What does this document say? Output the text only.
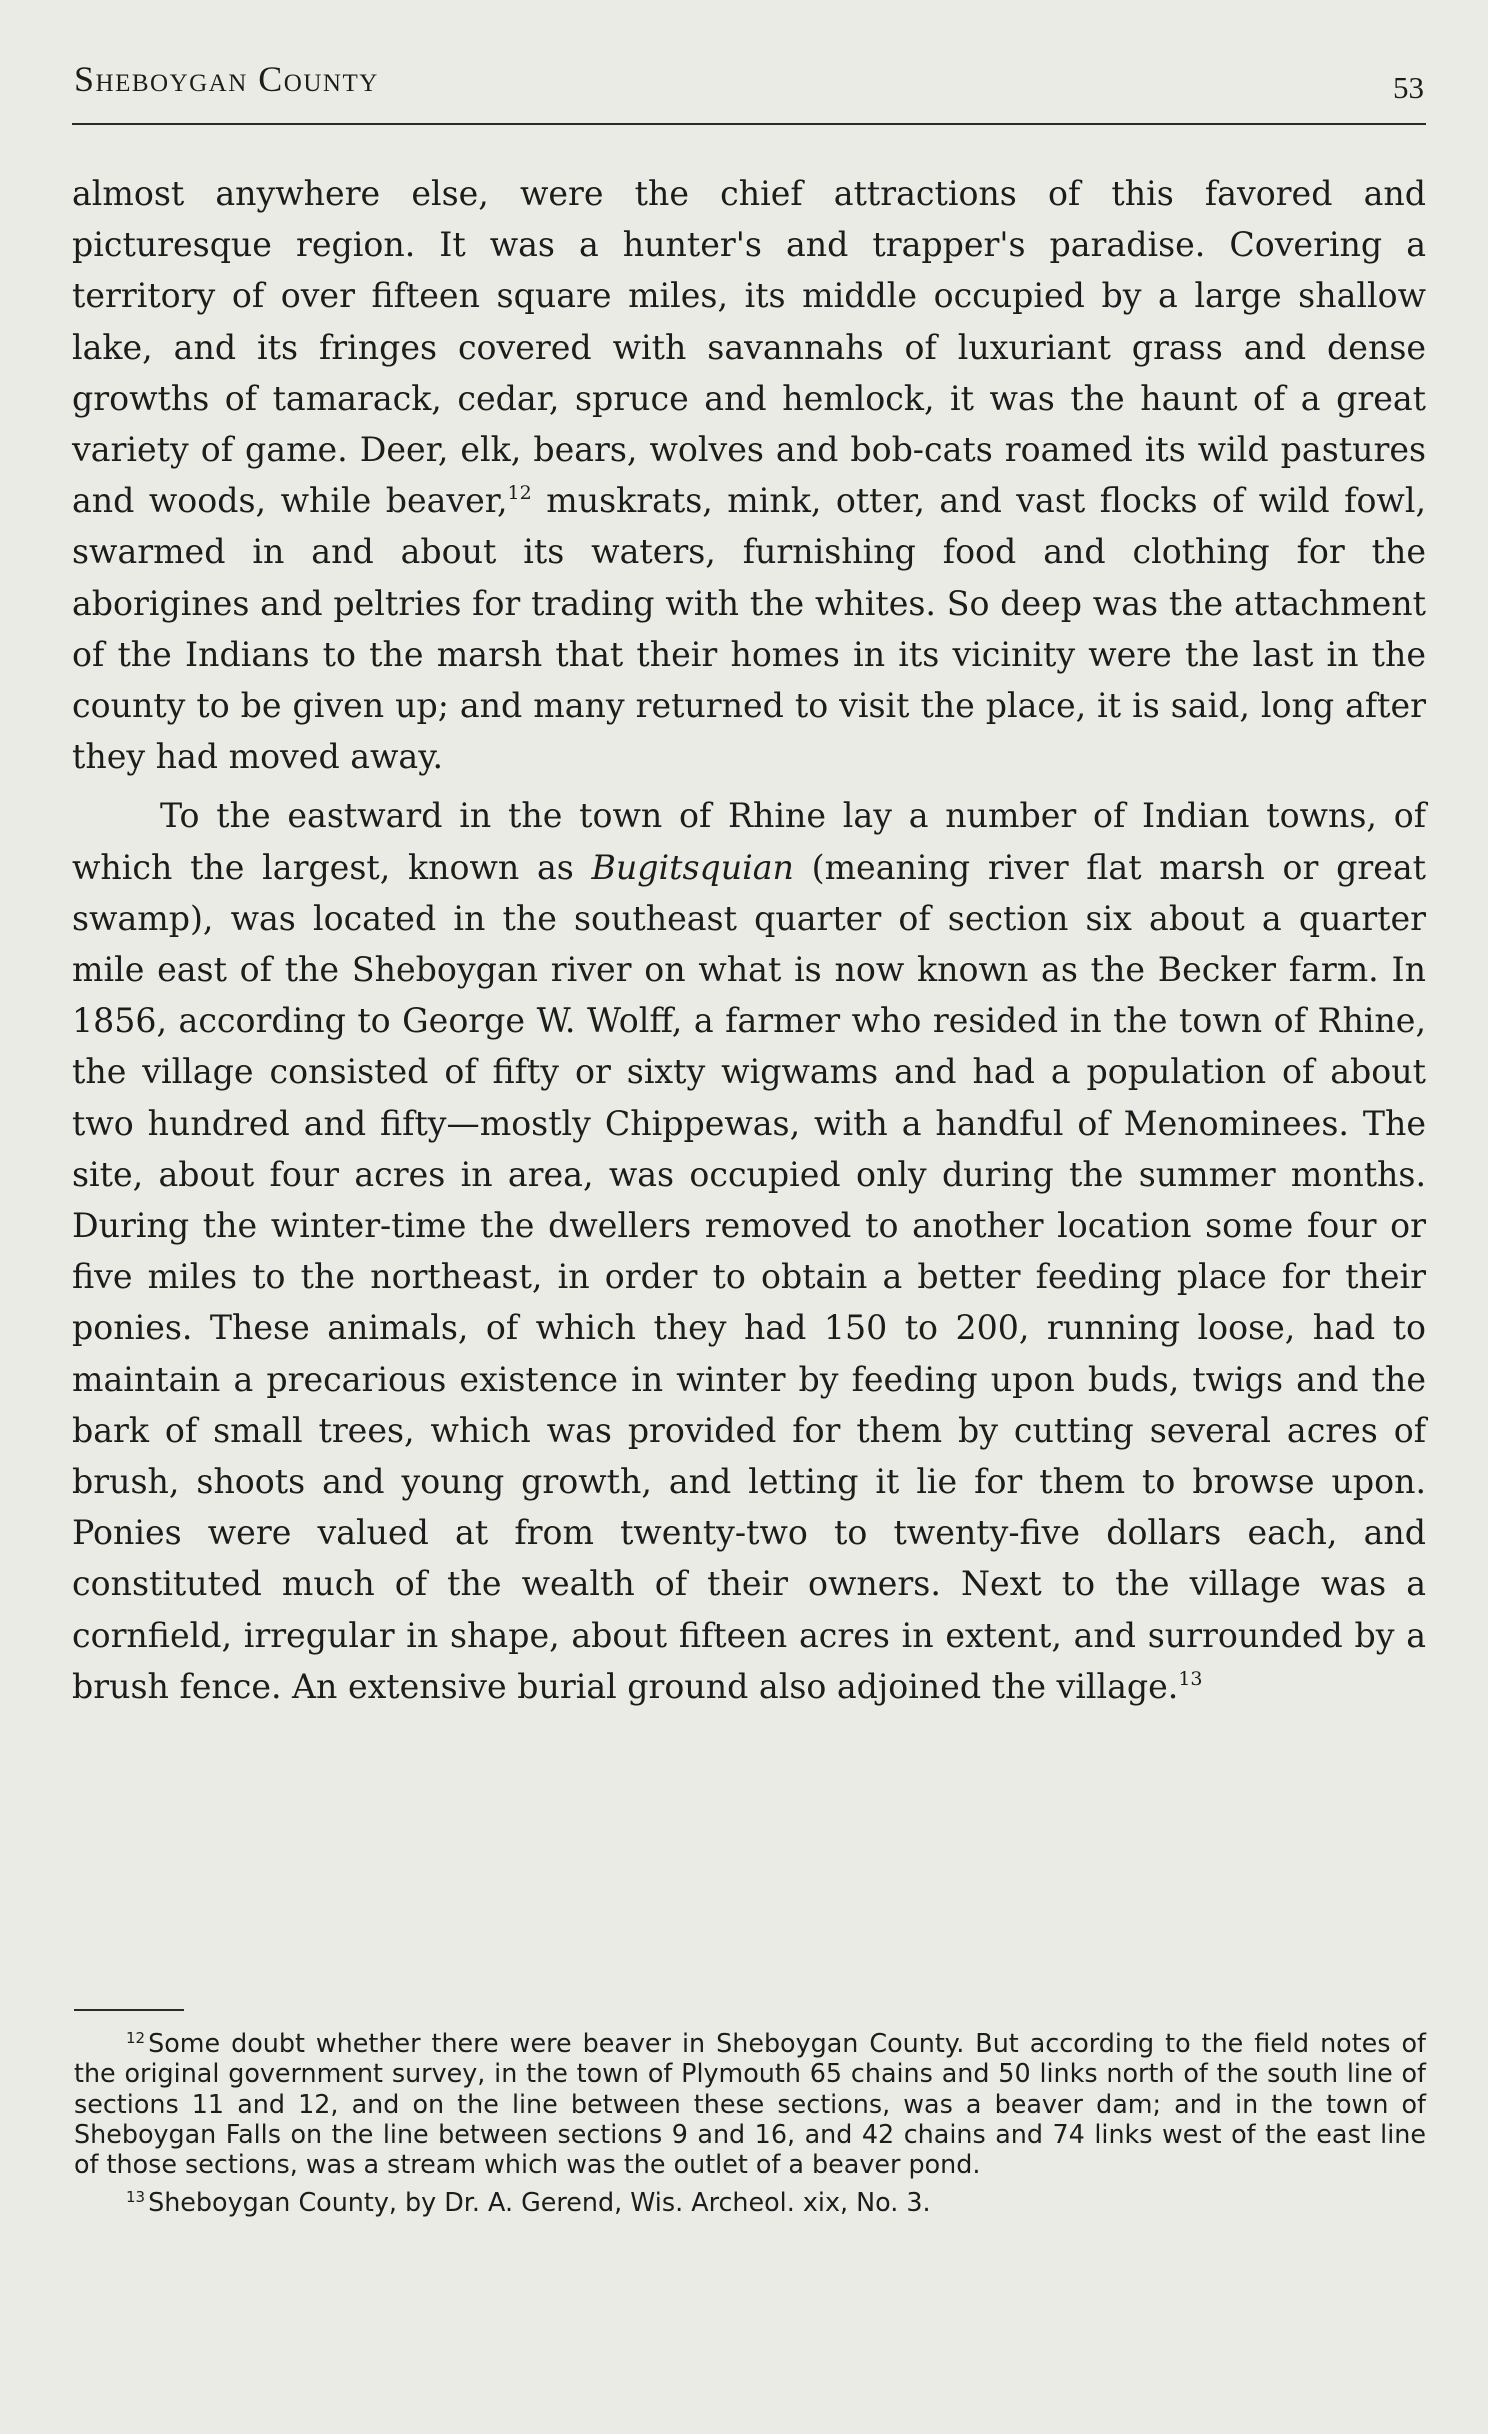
Sheboygan County	53

almost anywhere else, were the chief attractions of this favored and picturesque region. It was a hunter's and trapper's paradise. Covering a territory of over fifteen square miles, its middle occupied by a large shallow lake, and its fringes covered with savannahs of luxuriant grass and dense growths of tamarack, cedar, spruce and hemlock, it was the haunt of a great variety of game. Deer, elk, bears, wolves and bob-cats roamed its wild pastures and woods, while beaver,$^{12}$ muskrats, mink, otter, and vast flocks of wild fowl, swarmed in and about its waters, furnishing food and clothing for the aborigines and peltries for trading with the whites. So deep was the attachment of the Indians to the marsh that their homes in its vicinity were the last in the county to be given up; and many returned to visit the place, it is said, long after they had moved away.

To the eastward in the town of Rhine lay a number of Indian towns, of which the largest, known as Bugitsquian (meaning river flat marsh or great swamp), was located in the southeast quarter of section six about a quarter mile east of the Sheboygan river on what is now known as the Becker farm. In 1856, according to George W. Wolff, a farmer who resided in the town of Rhine, the village consisted of fifty or sixty wigwams and had a population of about two hundred and fifty—mostly Chippewas, with a handful of Menominees. The site, about four acres in area, was occupied only during the summer months. During the winter-time the dwellers removed to another location some four or five miles to the northeast, in order to obtain a better feeding place for their ponies. These animals, of which they had 150 to 200, running loose, had to maintain a precarious existence in winter by feeding upon buds, twigs and the bark of small trees, which was provided for them by cutting several acres of brush, shoots and young growth, and letting it lie for them to browse upon. Ponies were valued at from twenty-two to twenty-five dollars each, and constituted much of the wealth of their owners. Next to the village was a cornfield, irregular in shape, about fifteen acres in extent, and surrounded by a brush fence. An extensive burial ground also adjoined the village.$^{13}$

$^{12}$ Some doubt whether there were beaver in Sheboygan County. But according to the field notes of the original government survey, in the town of Plymouth 65 chains and 50 links north of the south line of sections 11 and 12, and on the line between these sections, was a beaver dam; and in the town of Sheboygan Falls on the line between sections 9 and 16, and 42 chains and 74 links west of the east line of those sections, was a stream which was the outlet of a beaver pond.

$^{13}$ Sheboygan County, by Dr. A. Gerend, Wis. Archeol. xix, No. 3.
